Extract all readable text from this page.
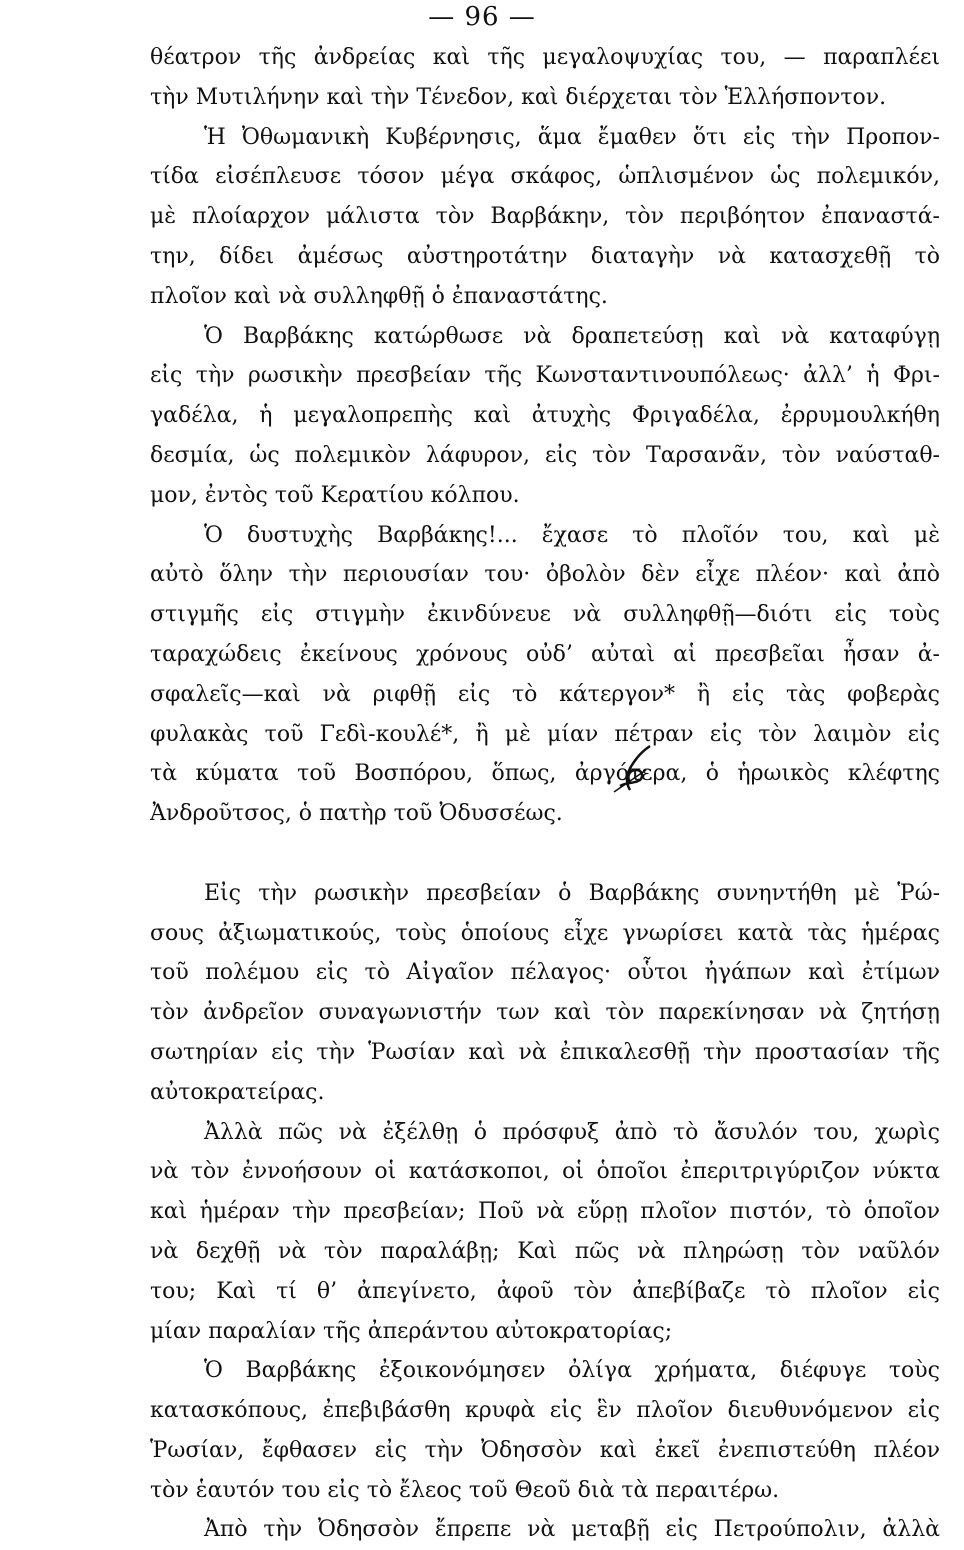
— 96 —
θέατρον τῆς ἀνδρείας καὶ τῆς μεγαλοψυχίας του, — παραπλέει
τὴν Μυτιλήνην καὶ τὴν Τένεδον, καὶ διέρχεται τὸν Ἑλλήσποντον.
Ἡ Ὀθωμανικὴ Κυβέρνησις, ἅμα ἔμαθεν ὅτι εἰς τὴν Προπον-
τίδα εἰσέπλευσε τόσον μέγα σκάφος, ὡπλισμένον ὡς πολεμικόν,
μὲ πλοίαρχον μάλιστα τὸν Βαρβάκην, τὸν περιβόητον ἐπαναστά-
την, δίδει ἀμέσως αὐστηροτάτην διαταγὴν νὰ κατασχεθῇ τὸ
πλοῖον καὶ νὰ συλληφθῇ ὁ ἐπαναστάτης.
Ὁ Βαρβάκης κατώρθωσε νὰ δραπετεύσῃ καὶ νὰ καταφύγῃ
εἰς τὴν ρωσικὴν πρεσβείαν τῆς Κωνσταντινουπόλεως· ἀλλ’ ἡ Φρι-
γαδέλα, ἡ μεγαλοπρεπὴς καὶ ἀτυχὴς Φριγαδέλα, ἐρρυμουλκήθη
δεσμία, ὡς πολεμικὸν λάφυρον, εἰς τὸν Ταρσανᾶν, τὸν ναύσταθ-
μον, ἐντὸς τοῦ Κερατίου κόλπου.
Ὁ δυστυχὴς Βαρβάκης!... ἔχασε τὸ πλοῖόν του, καὶ μὲ
αὐτὸ ὅλην τὴν περιουσίαν του· ὀβολὸν δὲν εἶχε πλέον· καὶ ἀπὸ
στιγμῆς εἰς στιγμὴν ἐκινδύνευε νὰ συλληφθῇ—διότι εἰς τοὺς
ταραχώδεις ἐκείνους χρόνους οὐδ’ αὐταὶ αἱ πρεσβεῖαι ἦσαν ἀ-
σφαλεῖς—καὶ νὰ ριφθῇ εἰς τὸ κάτεργον* ἢ εἰς τὰς φοβερὰς
φυλακὰς τοῦ Γεδὶ-κουλέ*, ἢ μὲ μίαν πέτραν εἰς τὸν λαιμὸν εἰς
τὰ κύματα τοῦ Βοσπόρου, ὅπως, ἀργότερα, ὁ ἡρωικὸς κλέφτης
Ἀνδροῦτσος, ὁ πατὴρ τοῦ Ὀδυσσέως.
Εἰς τὴν ρωσικὴν πρεσβείαν ὁ Βαρβάκης συνηντήθη μὲ Ῥώ-
σους ἀξιωματικούς, τοὺς ὁποίους εἶχε γνωρίσει κατὰ τὰς ἡμέρας
τοῦ πολέμου εἰς τὸ Αἰγαῖον πέλαγος· οὗτοι ἠγάπων καὶ ἐτίμων
τὸν ἀνδρεῖον συναγωνιστήν των καὶ τὸν παρεκίνησαν νὰ ζητήσῃ
σωτηρίαν εἰς τὴν Ῥωσίαν καὶ νὰ ἐπικαλεσθῇ τὴν προστασίαν τῆς
αὐτοκρατείρας.
Ἀλλὰ πῶς νὰ ἐξέλθῃ ὁ πρόσφυξ ἀπὸ τὸ ἄσυλόν του, χωρὶς
νὰ τὸν ἐννοήσουν οἱ κατάσκοποι, οἱ ὁποῖοι ἐπεριτριγύριζον νύκτα
καὶ ἡμέραν τὴν πρεσβείαν; Ποῦ νὰ εὕρῃ πλοῖον πιστόν, τὸ ὁποῖον
νὰ δεχθῇ νὰ τὸν παραλάβῃ; Καὶ πῶς νὰ πληρώσῃ τὸν ναῦλόν
του; Καὶ τί θ’ ἀπεγίνετο, ἀφοῦ τὸν ἀπεβίβαζε τὸ πλοῖον εἰς
μίαν παραλίαν τῆς ἀπεράντου αὐτοκρατορίας;
Ὁ Βαρβάκης ἐξοικονόμησεν ὀλίγα χρήματα, διέφυγε τοὺς
κατασκόπους, ἐπεβιβάσθη κρυφὰ εἰς ἓν πλοῖον διευθυνόμενον εἰς
Ῥωσίαν, ἔφθασεν εἰς τὴν Ὀδησσὸν καὶ ἐκεῖ ἐνεπιστεύθη πλέον
τὸν ἑαυτόν του εἰς τὸ ἔλεος τοῦ Θεοῦ διὰ τὰ περαιτέρω.
Ἀπὸ τὴν Ὀδησσὸν ἔπρεπε νὰ μεταβῇ εἰς Πετρούπολιν, ἀλλὰ
